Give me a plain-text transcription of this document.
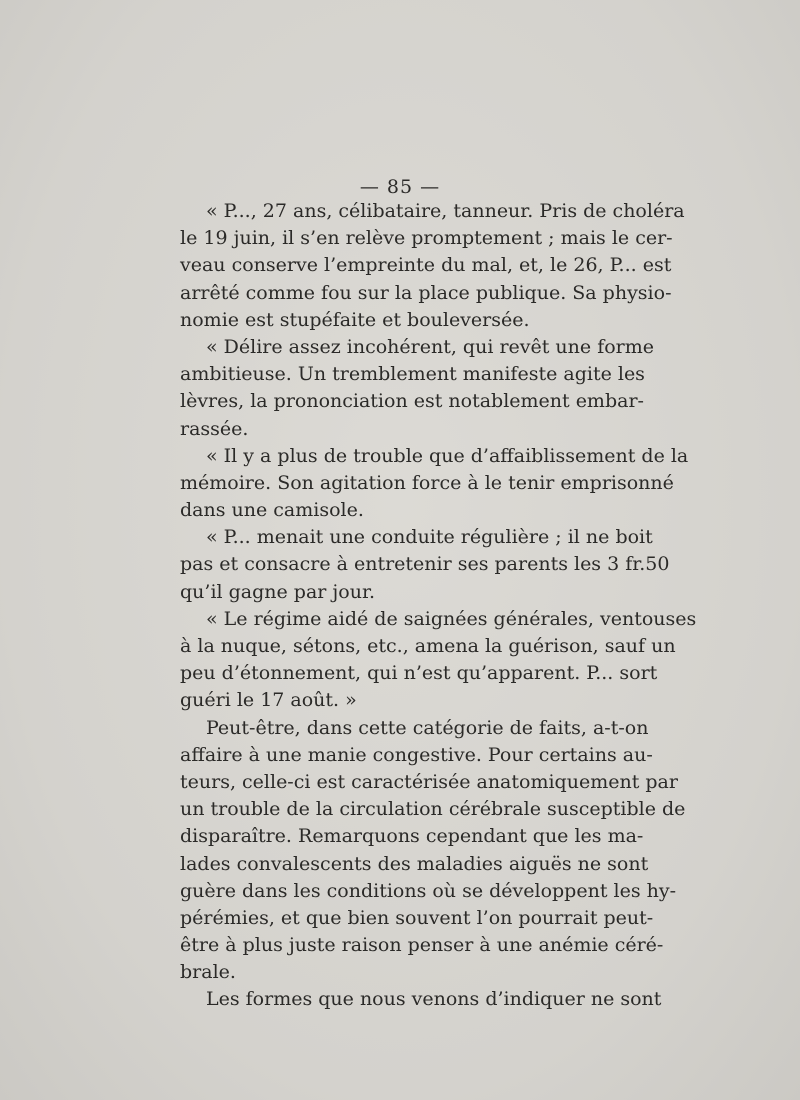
— 85 —
« P..., 27 ans, célibataire, tanneur. Pris de choléra
le 19 juin, il s’en relève promptement ; mais le cer-
veau conserve l’empreinte du mal, et, le 26, P... est
arrêté comme fou sur la place publique. Sa physio-
nomie est stupéfaite et bouleversée.
« Délire assez incohérent, qui revêt une forme
ambitieuse. Un tremblement manifeste agite les
lèvres, la prononciation est notablement embar-
rassée.
« Il y a plus de trouble que d’affaiblissement de la
mémoire. Son agitation force à le tenir emprisonné
dans une camisole.
« P... menait une conduite régulière ; il ne boit
pas et consacre à entretenir ses parents les 3 fr.50
qu’il gagne par jour.
« Le régime aidé de saignées générales, ventouses
à la nuque, sétons, etc., amena la guérison, sauf un
peu d’étonnement, qui n’est qu’apparent. P... sort
guéri le 17 août. »
Peut-être, dans cette catégorie de faits, a-t-on
affaire à une manie congestive. Pour certains au-
teurs, celle-ci est caractérisée anatomiquement par
un trouble de la circulation cérébrale susceptible de
disparaître. Remarquons cependant que les ma-
lades convalescents des maladies aiguës ne sont
guère dans les conditions où se développent les hy-
pérémies, et que bien souvent l’on pourrait peut-
être à plus juste raison penser à une anémie céré-
brale.
Les formes que nous venons d’indiquer ne sont
